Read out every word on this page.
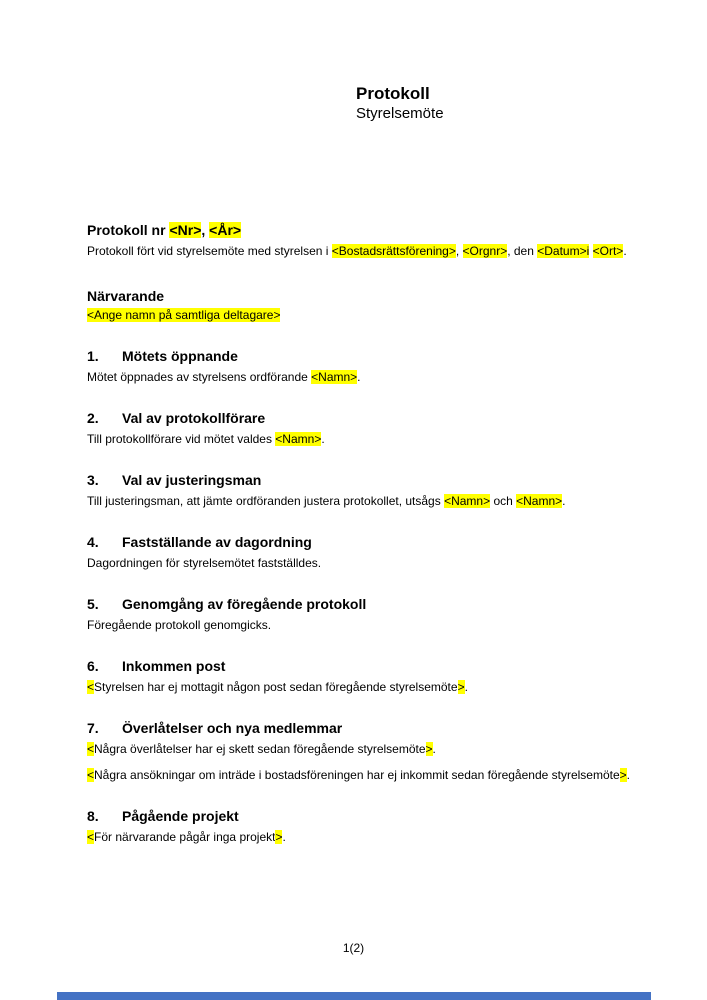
Protokoll
Styrelsemöte
Protokoll nr <Nr>, <År>

Protokoll fört vid styrelsemöte med styrelsen i <Bostadsrättsförening>, <Orgnr>, den <Datum>i <Ort>.

Närvarande

<Ange namn på samtliga deltagare>

1.	Mötets öppnande

Mötet öppnades av styrelsens ordförande <Namn>.

2.	Val av protokollförare

Till protokollförare vid mötet valdes <Namn>.

3.	Val av justeringsman

Till justeringsman, att jämte ordföranden justera protokollet, utsågs <Namn> och <Namn>.

4.	Fastställande av dagordning

Dagordningen för styrelsemötet fastställdes.

5.	Genomgång av föregående protokoll

Föregående protokoll genomgicks.

6.	Inkommen post

<Styrelsen har ej mottagit någon post sedan föregående styrelsemöte>.

7.	Överlåtelser och nya medlemmar

<Några överlåtelser har ej skett sedan föregående styrelsemöte>.

<Några ansökningar om inträde i bostadsföreningen har ej inkommit sedan föregående styrelsemöte>.

8.	Pågående projekt

<För närvarande pågår inga projekt>.

1(2)
